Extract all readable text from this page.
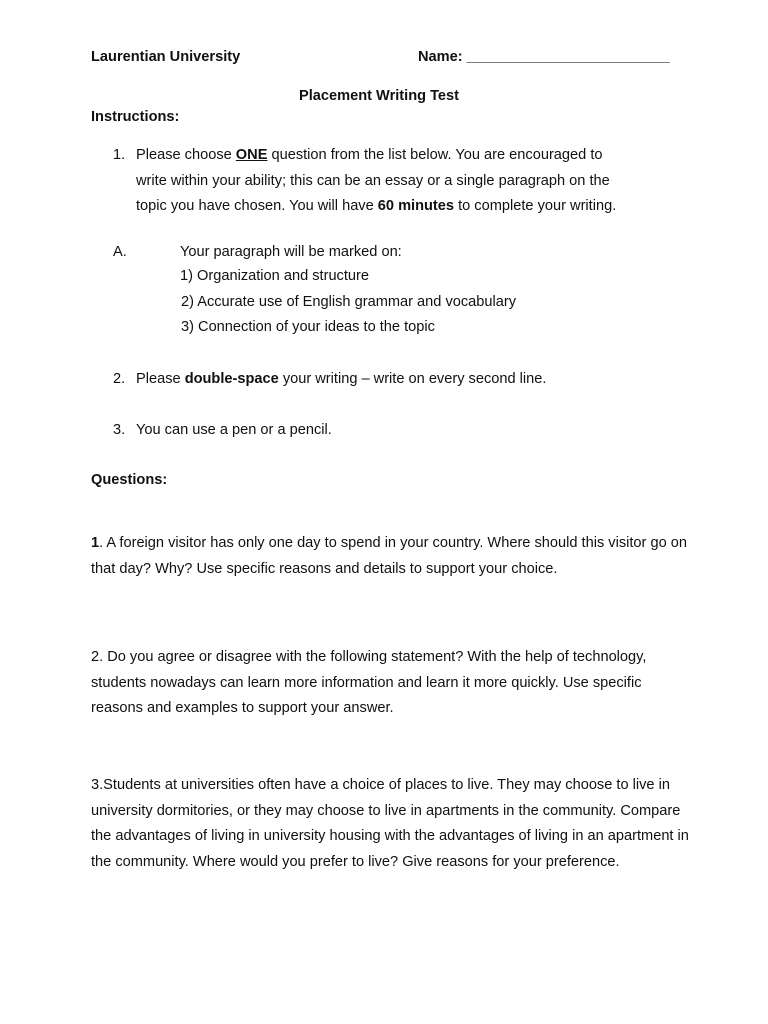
Laurentian University	Name: _________________________
Placement Writing Test
Instructions:
1. Please choose ONE question from the list below. You are encouraged to
write within your ability; this can be an essay or a single paragraph on the
topic you have chosen. You will have 60 minutes to complete your writing.
A.	Your paragraph will be marked on:
1) Organization and structure
2) Accurate use of English grammar and vocabulary
3) Connection of your ideas to the topic
2. Please double-space your writing – write on every second line.
3. You can use a pen or a pencil.
Questions:
1. A foreign visitor has only one day to spend in your country. Where should this visitor go on that day? Why? Use specific reasons and details to support your choice.
2. Do you agree or disagree with the following statement? With the help of technology, students nowadays can learn more information and learn it more quickly. Use specific reasons and examples to support your answer.
3.Students at universities often have a choice of places to live. They may choose to live in university dormitories, or they may choose to live in apartments in the community. Compare the advantages of living in university housing with the advantages of living in an apartment in the community. Where would you prefer to live? Give reasons for your preference.
